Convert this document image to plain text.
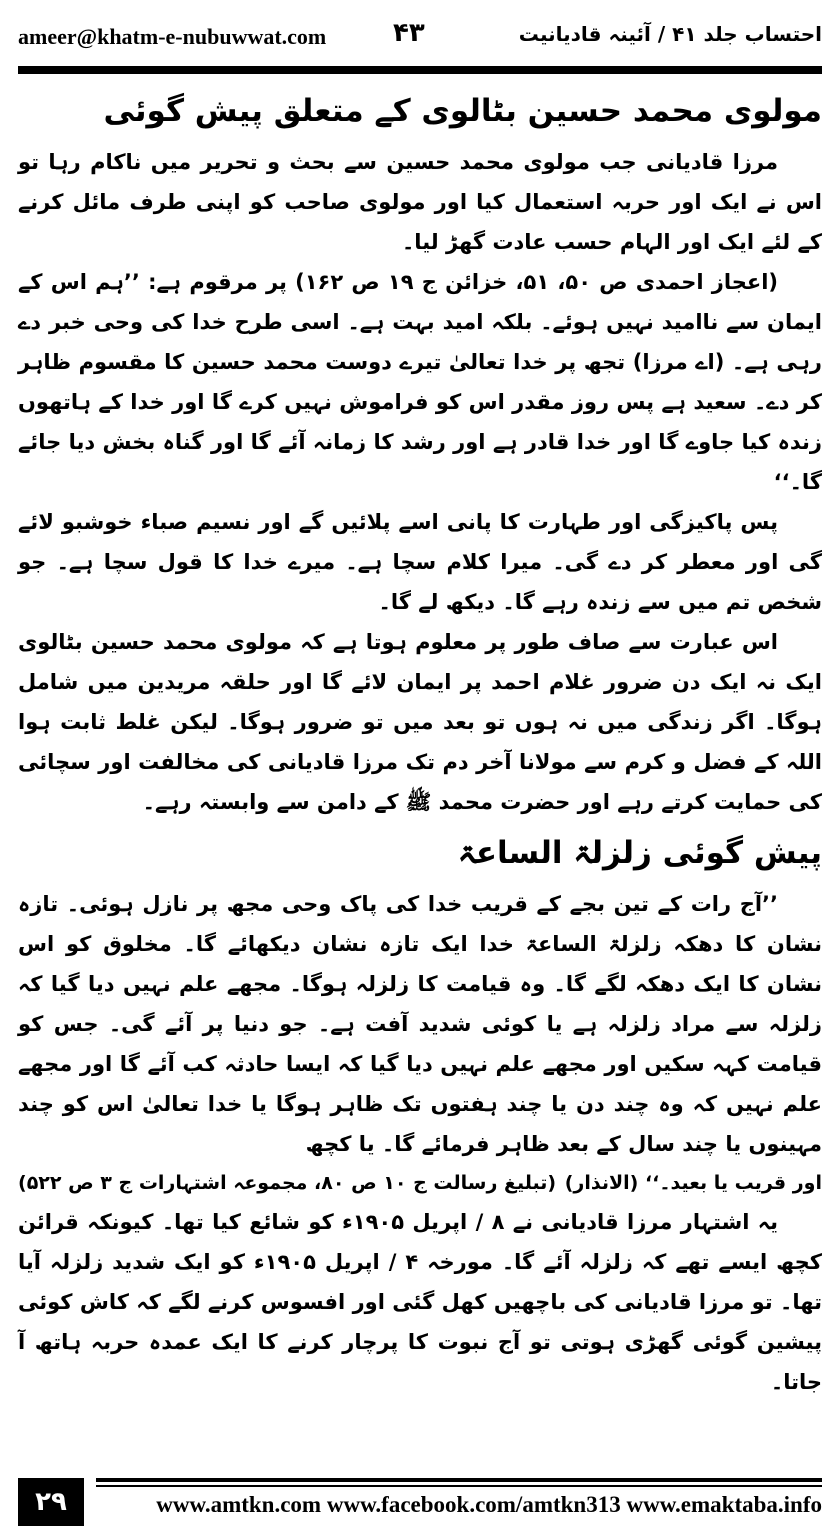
ameer@khatm-e-nubuwwat.com	۴۳	احتساب جلد ۴۱ / آئینہ قادیانیت
مولوی محمد حسین بٹالوی کے متعلق پیش گوئی

مرزا قادیانی جب مولوی محمد حسین سے بحث و تحریر میں ناکام رہا تو اس نے ایک اور حربہ استعمال کیا اور مولوی صاحب کو اپنی طرف مائل کرنے کے لئے ایک اور الہام حسب عادت گھڑ لیا۔

(اعجاز احمدی ص ۵۰، ۵۱، خزائن ج ۱۹ ص ۱۶۲) پر مرقوم ہے: ’’ہم اس کے ایمان سے ناامید نہیں ہوئے۔ بلکہ امید بہت ہے۔ اسی طرح خدا کی وحی خبر دے رہی ہے۔ (اے مرزا) تجھ پر خدا تعالیٰ تیرے دوست محمد حسین کا مقسوم ظاہر کر دے۔ سعید ہے پس روز مقدر اس کو فراموش نہیں کرے گا اور خدا کے ہاتھوں زندہ کیا جاوے گا اور خدا قادر ہے اور رشد کا زمانہ آئے گا اور گناہ بخش دیا جائے گا۔‘‘

پس پاکیزگی اور طہارت کا پانی اسے پلائیں گے اور نسیم صباء خوشبو لائے گی اور معطر کر دے گی۔ میرا کلام سچا ہے۔ میرے خدا کا قول سچا ہے۔ جو شخص تم میں سے زندہ رہے گا۔ دیکھ لے گا۔

اس عبارت سے صاف طور پر معلوم ہوتا ہے کہ مولوی محمد حسین بٹالوی ایک نہ ایک دن ضرور غلام احمد پر ایمان لائے گا اور حلقہ مریدین میں شامل ہوگا۔ اگر زندگی میں نہ ہوں تو بعد میں تو ضرور ہوگا۔ لیکن غلط ثابت ہوا اللہ کے فضل و کرم سے مولانا آخر دم تک مرزا قادیانی کی مخالفت اور سچائی کی حمایت کرتے رہے اور حضرت محمد ﷺ کے دامن سے وابستہ رہے۔

پیش گوئی زلزلۃ الساعۃ

’’آج رات کے تین بجے کے قریب خدا کی پاک وحی مجھ پر نازل ہوئی۔ تازہ نشان کا دھکہ زلزلۃ الساعۃ خدا ایک تازہ نشان دیکھائے گا۔ مخلوق کو اس نشان کا ایک دھکہ لگے گا۔ وہ قیامت کا زلزلہ ہوگا۔ مجھے علم نہیں دیا گیا کہ زلزلہ سے مراد زلزلہ ہے یا کوئی شدید آفت ہے۔ جو دنیا پر آئے گی۔ جس کو قیامت کہہ سکیں اور مجھے علم نہیں دیا گیا کہ ایسا حادثہ کب آئے گا اور مجھے علم نہیں کہ وہ چند دن یا چند ہفتوں تک ظاہر ہوگا یا خدا تعالیٰ اس کو چند مہینوں یا چند سال کے بعد ظاہر فرمائے گا۔ یا کچھ

اور قریب یا بعید۔‘‘ (الانذار)
(تبلیغ رسالت ج ۱۰ ص ۸۰، مجموعہ اشتہارات ج ۳ ص ۵۲۲)

یہ اشتہار مرزا قادیانی نے ۸ / اپریل ۱۹۰۵ء کو شائع کیا تھا۔ کیونکہ قرائن کچھ ایسے تھے کہ زلزلہ آئے گا۔ مورخہ ۴ / اپریل ۱۹۰۵ء کو ایک شدید زلزلہ آیا تھا۔ تو مرزا قادیانی کی باچھیں کھل گئی اور افسوس کرنے لگے کہ کاش کوئی پیشین گوئی گھڑی ہوتی تو آج نبوت کا پرچار کرنے کا ایک عمدہ حربہ ہاتھ آ جاتا۔

۲۹	www.amtkn.com www.facebook.com/amtkn313 www.emaktaba.info
